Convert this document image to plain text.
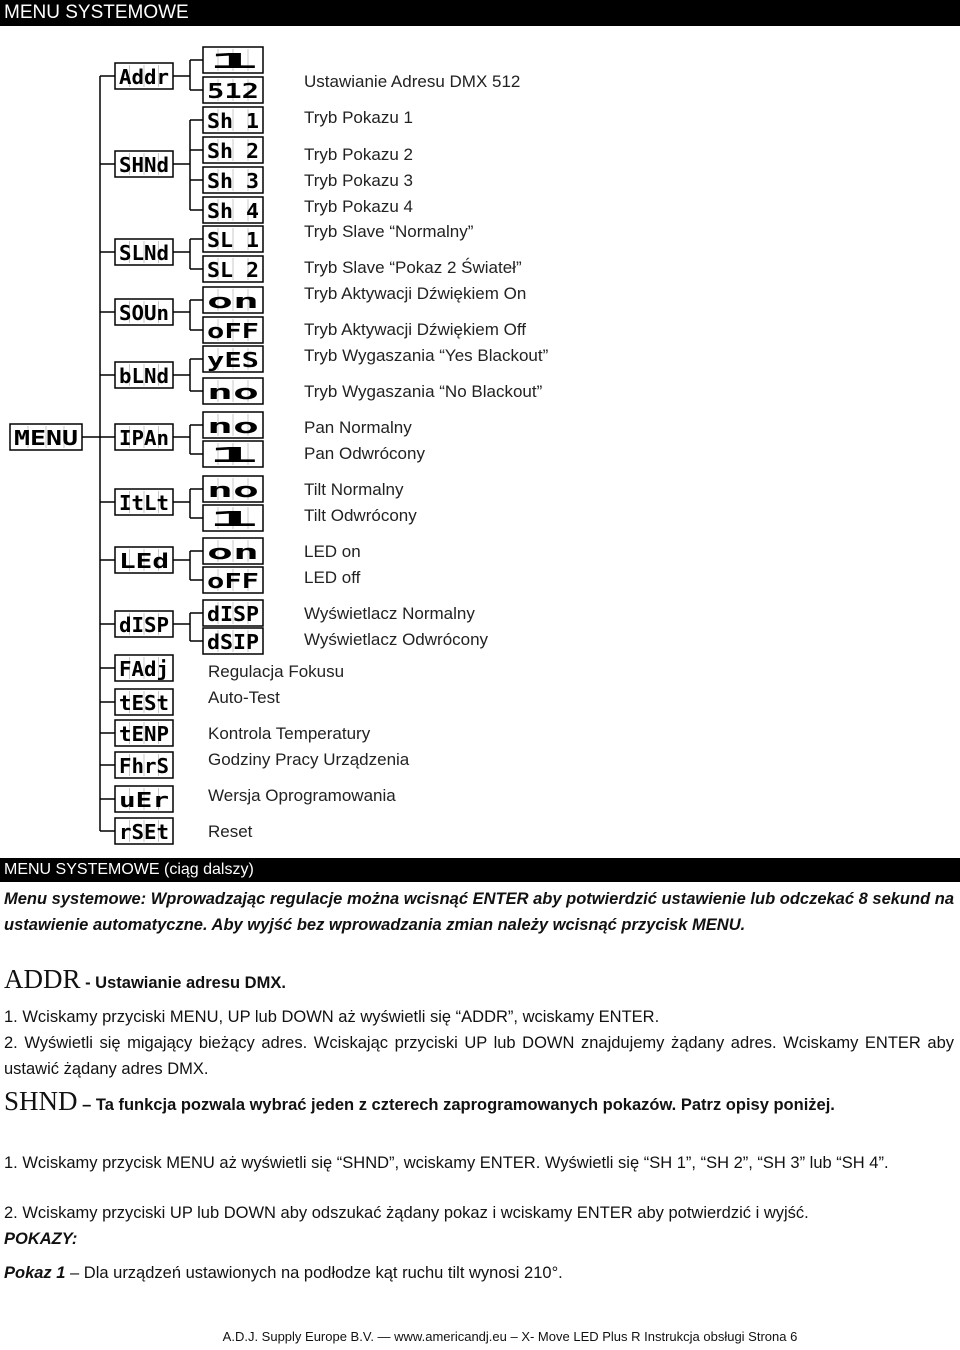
MENU SYSTEMOWE
MENU
Addr
SHNd
SLNd
SOUn
bLNd
IPAn
ItLt
LEd
dISP
FAdj
tESt
tENP
FhrS
uEr
rSEt
1
512
Sh 1
Sh 2
Sh 3
Sh 4
SL 1
SL 2
on
oFF
yES
no
no
1
no
1
on
oFF
dISP
dSIP
Ustawianie Adresu DMX 512
Tryb Pokazu 1
Tryb Pokazu 2
Tryb Pokazu 3
Tryb Pokazu 4
Tryb Slave “Normalny”
Tryb Slave “Pokaz 2 Świateł”
Tryb Aktywacji Dźwiękiem On
Tryb Aktywacji Dźwiękiem Off
Tryb Wygaszania “Yes Blackout”
Tryb Wygaszania “No Blackout”
Pan Normalny
Pan Odwrócony
Tilt Normalny
Tilt Odwrócony
LED on
LED off
Wyświetlacz Normalny
Wyświetlacz Odwrócony
Regulacja Fokusu
Auto-Test
Kontrola Temperatury
Godziny Pracy Urządzenia
Wersja Oprogramowania
Reset
MENU SYSTEMOWE (ciąg dalszy)
Menu systemowe: Wprowadzając regulacje można wcisnąć ENTER aby potwierdzić ustawienie lub odczekać 8 sekund na ustawienie automatyczne. Aby wyjść bez wprowadzania zmian należy wcisnąć przycisk MENU.
ADDR - Ustawianie adresu DMX.
1. Wciskamy przyciski MENU, UP lub DOWN aż wyświetli się “ADDR”, wciskamy ENTER.
2. Wyświetli się migający bieżący adres. Wciskając przyciski UP lub DOWN znajdujemy żądany adres. Wciskamy ENTER aby ustawić żądany adres DMX.
SHND – Ta funkcja pozwala wybrać jeden z czterech zaprogramowanych pokazów. Patrz opisy poniżej.
1. Wciskamy przycisk MENU aż wyświetli się “SHND”, wciskamy ENTER. Wyświetli się “SH 1”, “SH 2”, “SH 3” lub “SH 4”.
2. Wciskamy przyciski UP lub DOWN aby odszukać żądany pokaz i wciskamy ENTER aby potwierdzić i wyjść.
POKAZY:
Pokaz 1 – Dla urządzeń ustawionych na podłodze kąt ruchu tilt wynosi 210°.
A.D.J. Supply Europe B.V. — www.americandj.eu – X- Move LED Plus R Instrukcja obsługi Strona 6
